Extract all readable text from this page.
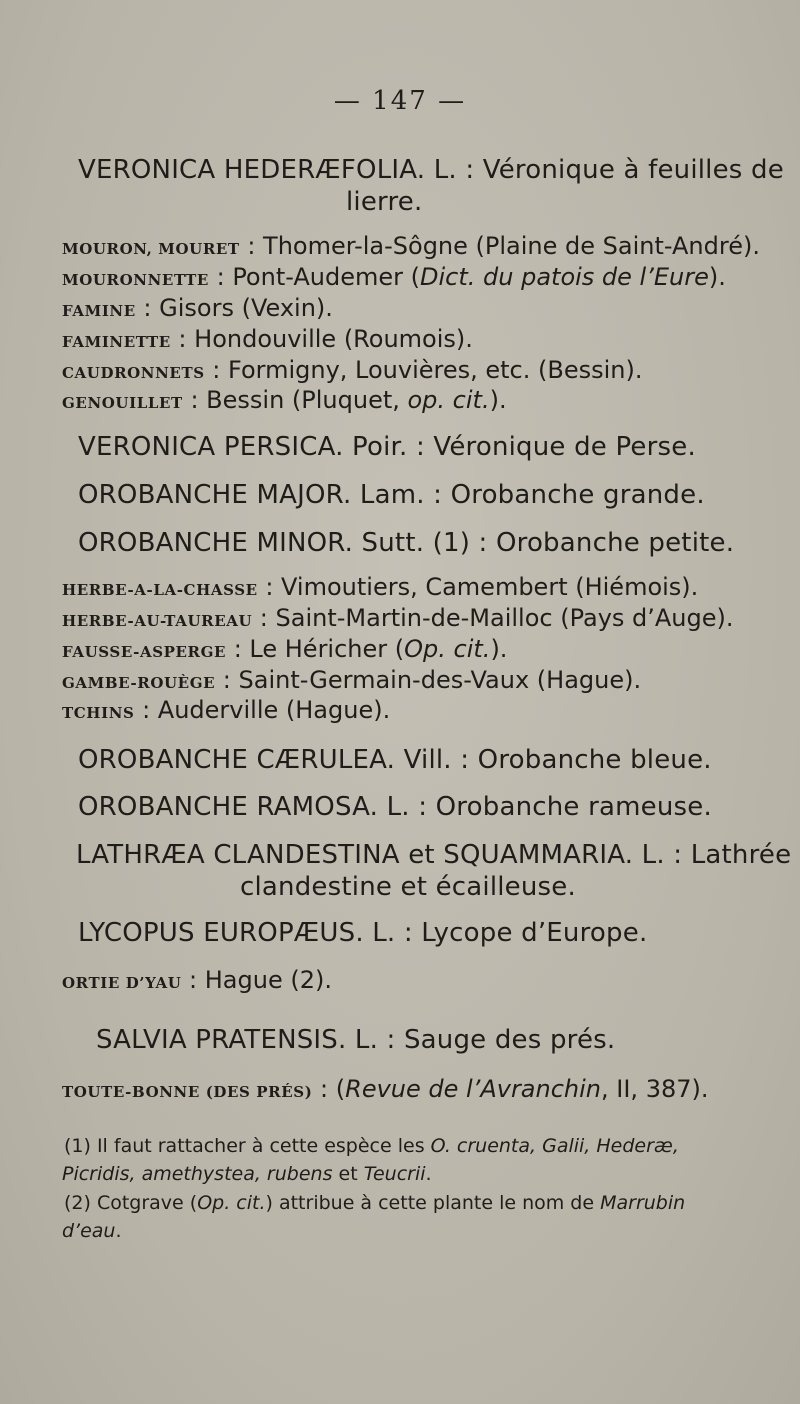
— 147 —
VERONICA HEDERÆFOLIA. L. : Véronique à feuilles de
lierre.
MOURON, MOURET : Thomer-la-Sôgne (Plaine de Saint-André).
MOURONNETTE : Pont-Audemer (Dict. du patois de l’Eure).
FAMINE : Gisors (Vexin).
FAMINETTE : Hondouville (Roumois).
CAUDRONNETS : Formigny, Louvières, etc. (Bessin).
GENOUILLET : Bessin (Pluquet, op. cit.).
VERONICA PERSICA. Poir. : Véronique de Perse.
OROBANCHE MAJOR. Lam. : Orobanche grande.
OROBANCHE MINOR. Sutt. (1) : Orobanche petite.
HERBE-A-LA-CHASSE : Vimoutiers, Camembert (Hiémois).
HERBE-AU-TAUREAU : Saint-Martin-de-Mailloc (Pays d’Auge).
FAUSSE-ASPERGE : Le Héricher (Op. cit.).
GAMBE-ROUÈGE : Saint-Germain-des-Vaux (Hague).
TCHINS : Auderville (Hague).
OROBANCHE CÆRULEA. Vill. : Orobanche bleue.
OROBANCHE RAMOSA. L. : Orobanche rameuse.
LATHRÆA CLANDESTINA et SQUAMMARIA. L. : Lathrée
clandestine et écailleuse.
LYCOPUS EUROPÆUS. L. : Lycope d’Europe.
ORTIE D’YAU : Hague (2).
SALVIA PRATENSIS. L. : Sauge des prés.
TOUTE-BONNE (DES PRÉS) : (Revue de l’Avranchin, II, 387).
(1) Il faut rattacher à cette espèce les O. cruenta, Galii, Hederæ,
Picridis, amethystea, rubens et Teucrii.
(2) Cotgrave (Op. cit.) attribue à cette plante le nom de Marrubin
d’eau.
